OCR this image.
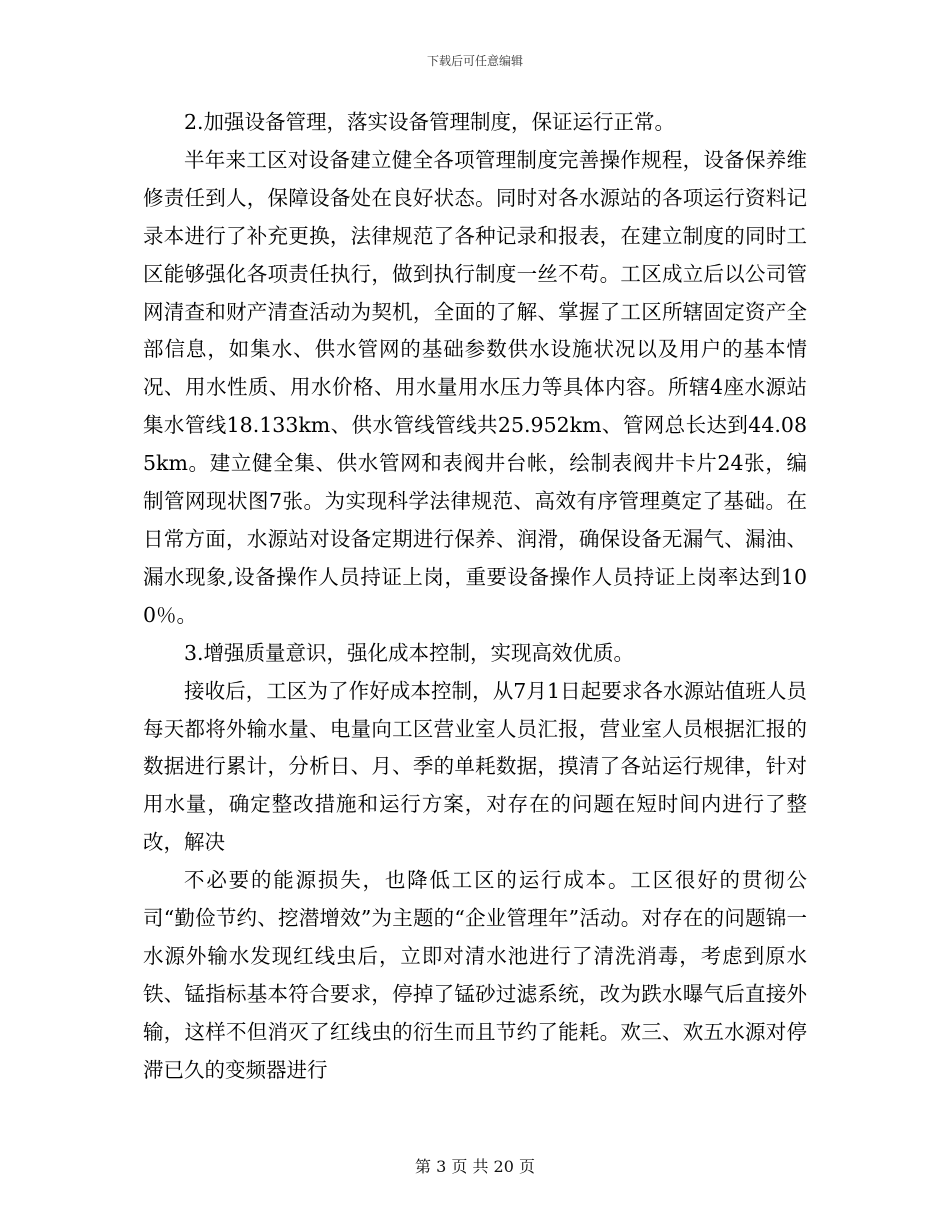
下载后可任意编辑

2.加强设备管理，落实设备管理制度，保证运行正常。

半年来工区对设备建立健全各项管理制度完善操作规程，设备保养维修责任到人，保障设备处在良好状态。同时对各水源站的各项运行资料记录本进行了补充更换，法律规范了各种记录和报表，在建立制度的同时工区能够强化各项责任执行，做到执行制度一丝不苟。工区成立后以公司管网清查和财产清查活动为契机，全面的了解、掌握了工区所辖固定资产全部信息，如集水、供水管网的基础参数供水设施状况以及用户的基本情况、用水性质、用水价格、用水量用水压力等具体内容。所辖4座水源站集水管线18.133km、供水管线管线共25.952km、管网总长达到44.085km。建立健全集、供水管网和表阀井台帐，绘制表阀井卡片24张，编制管网现状图7张。为实现科学法律规范、高效有序管理奠定了基础。在日常方面，水源站对设备定期进行保养、润滑，确保设备无漏气、漏油、漏水现象,设备操作人员持证上岗，重要设备操作人员持证上岗率达到100％。

3.增强质量意识，强化成本控制，实现高效优质。

接收后，工区为了作好成本控制，从7月1日起要求各水源站值班人员每天都将外输水量、电量向工区营业室人员汇报，营业室人员根据汇报的数据进行累计，分析日、月、季的单耗数据，摸清了各站运行规律，针对用水量，确定整改措施和运行方案，对存在的问题在短时间内进行了整改，解决

不必要的能源损失，也降低工区的运行成本。工区很好的贯彻公司“勤俭节约、挖潜增效”为主题的“企业管理年”活动。对存在的问题锦一水源外输水发现红线虫后，立即对清水池进行了清洗消毒，考虑到原水铁、锰指标基本符合要求，停掉了锰砂过滤系统，改为跌水曝气后直接外输，这样不但消灭了红线虫的衍生而且节约了能耗。欢三、欢五水源对停滞已久的变频器进行

第 3 页 共 20 页
